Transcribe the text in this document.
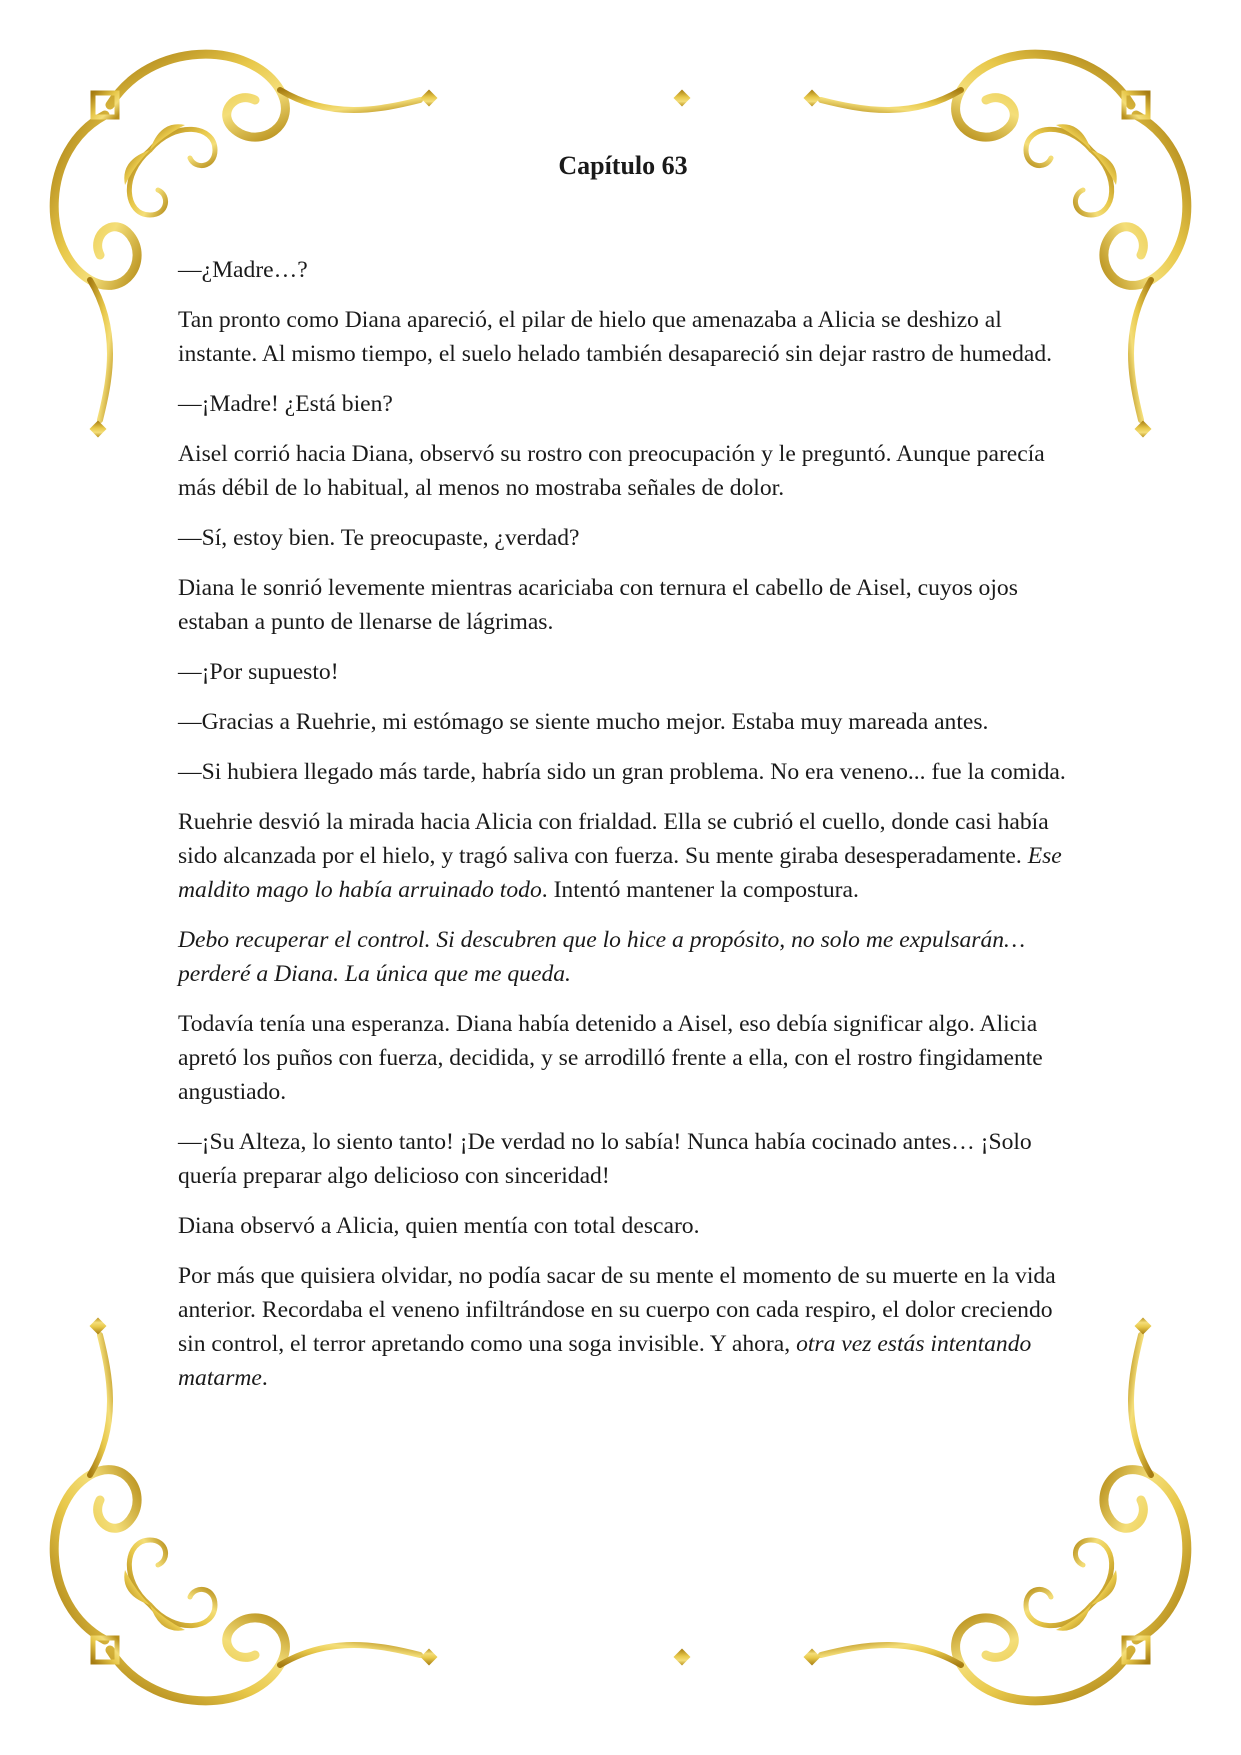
Capítulo 63

—¿Madre…?

Tan pronto como Diana apareció, el pilar de hielo que amenazaba a Alicia se deshizo al instante. Al mismo tiempo, el suelo helado también desapareció sin dejar rastro de humedad.

—¡Madre! ¿Está bien?

Aisel corrió hacia Diana, observó su rostro con preocupación y le preguntó. Aunque parecía más débil de lo habitual, al menos no mostraba señales de dolor.

—Sí, estoy bien. Te preocupaste, ¿verdad?

Diana le sonrió levemente mientras acariciaba con ternura el cabello de Aisel, cuyos ojos estaban a punto de llenarse de lágrimas.

—¡Por supuesto!

—Gracias a Ruehrie, mi estómago se siente mucho mejor. Estaba muy mareada antes.

—Si hubiera llegado más tarde, habría sido un gran problema. No era veneno... fue la comida.

Ruehrie desvió la mirada hacia Alicia con frialdad. Ella se cubrió el cuello, donde casi había sido alcanzada por el hielo, y tragó saliva con fuerza. Su mente giraba desesperadamente. Ese maldito mago lo había arruinado todo. Intentó mantener la compostura.

Debo recuperar el control. Si descubren que lo hice a propósito, no solo me expulsarán… perderé a Diana. La única que me queda.

Todavía tenía una esperanza. Diana había detenido a Aisel, eso debía significar algo. Alicia apretó los puños con fuerza, decidida, y se arrodilló frente a ella, con el rostro fingidamente angustiado.

—¡Su Alteza, lo siento tanto! ¡De verdad no lo sabía! Nunca había cocinado antes… ¡Solo quería preparar algo delicioso con sinceridad!

Diana observó a Alicia, quien mentía con total descaro.

Por más que quisiera olvidar, no podía sacar de su mente el momento de su muerte en la vida anterior. Recordaba el veneno infiltrándose en su cuerpo con cada respiro, el dolor creciendo sin control, el terror apretando como una soga invisible. Y ahora, otra vez estás intentando matarme.
